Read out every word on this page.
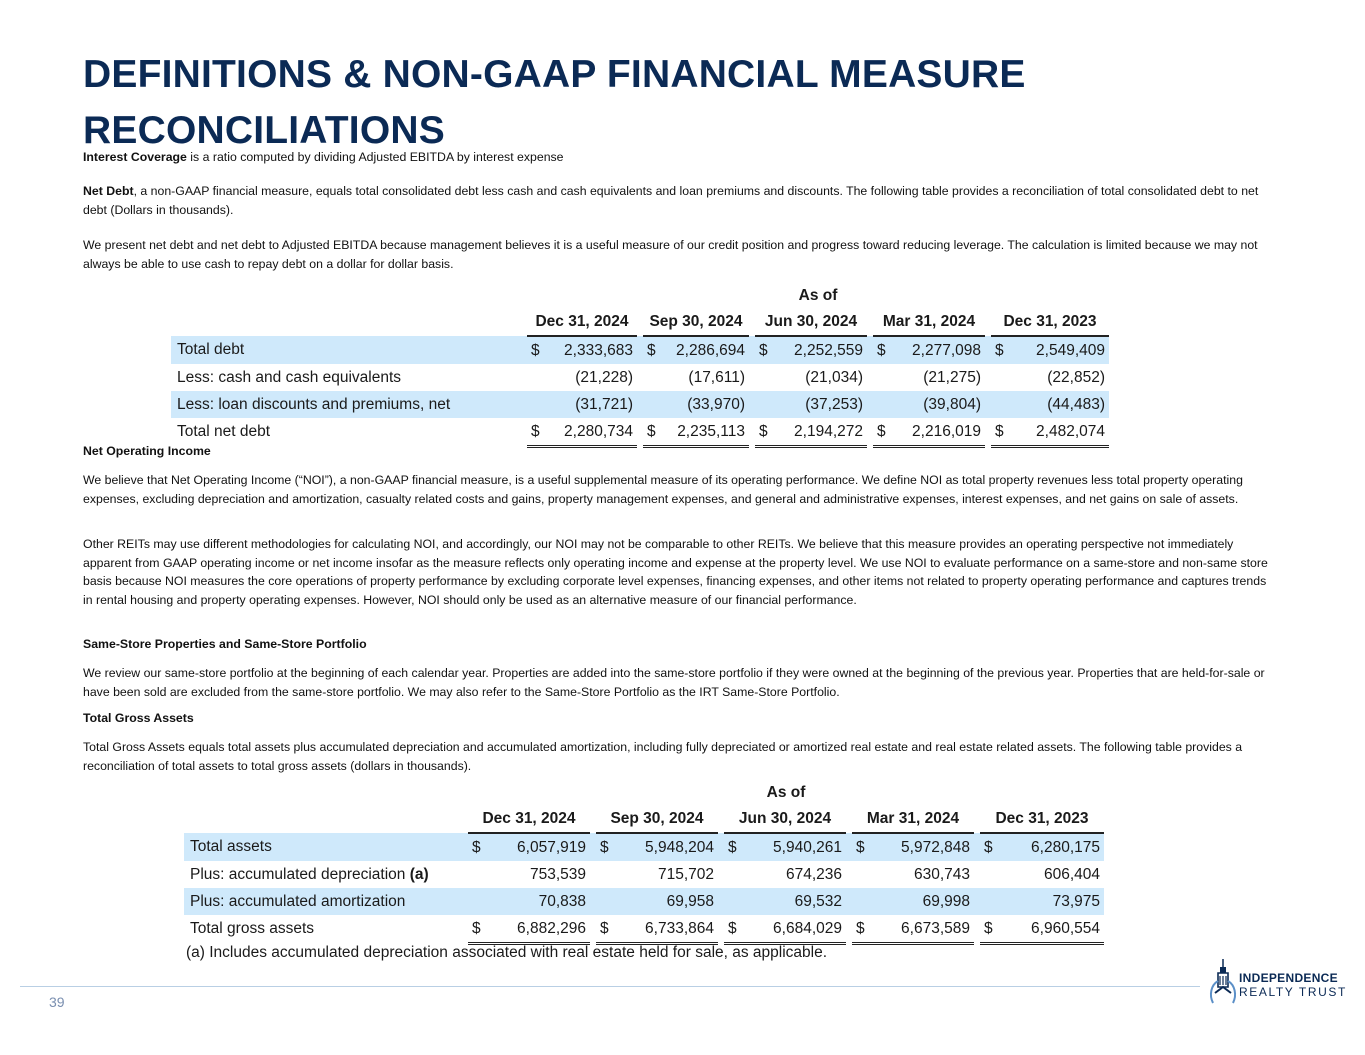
DEFINITIONS & NON-GAAP FINANCIAL MEASURE RECONCILIATIONS

Interest Coverage is a ratio computed by dividing Adjusted EBITDA by interest expense

Net Debt, a non-GAAP financial measure, equals total consolidated debt less cash and cash equivalents and loan premiums and discounts. The following table provides a reconciliation of total consolidated debt to net debt (Dollars in thousands).

We present net debt and net debt to Adjusted EBITDA because management believes it is a useful measure of our credit position and progress toward reducing leverage. The calculation is limited because we may not always be able to use cash to repay debt on a dollar for dollar basis.

		As of													
		Dec 31, 2024			Sep 30, 2024			Jun 30, 2024			Mar 31, 2024			Dec 31, 2023	
Total debt		$	2,333,683		$	2,286,694		$	2,252,559		$	2,277,098		$	2,549,409
Less: cash and cash equivalents			(21,228)			(17,611)			(21,034)			(21,275)			(22,852)
Less: loan discounts and premiums, net			(31,721)			(33,970)			(37,253)			(39,804)			(44,483)
Total net debt		$	2,280,734		$	2,235,113		$	2,194,272		$	2,216,019		$	2,482,074
Net Operating Income

We believe that Net Operating Income (“NOI”), a non-GAAP financial measure, is a useful supplemental measure of its operating performance. We define NOI as total property revenues less total property operating expenses, excluding depreciation and amortization, casualty related costs and gains, property management expenses, and general and administrative expenses, interest expenses, and net gains on sale of assets.

Other REITs may use different methodologies for calculating NOI, and accordingly, our NOI may not be comparable to other REITs. We believe that this measure provides an operating perspective not immediately apparent from GAAP operating income or net income insofar as the measure reflects only operating income and expense at the property level. We use NOI to evaluate performance on a same-store and non-same store basis because NOI measures the core operations of property performance by excluding corporate level expenses, financing expenses, and other items not related to property operating performance and captures trends in rental housing and property operating expenses. However, NOI should only be used as an alternative measure of our financial performance.

Same-Store Properties and Same-Store Portfolio

We review our same-store portfolio at the beginning of each calendar year. Properties are added into the same-store portfolio if they were owned at the beginning of the previous year. Properties that are held-for-sale or have been sold are excluded from the same-store portfolio. We may also refer to the Same-Store Portfolio as the IRT Same-Store Portfolio.

Total Gross Assets

Total Gross Assets equals total assets plus accumulated depreciation and accumulated amortization, including fully depreciated or amortized real estate and real estate related assets. The following table provides a reconciliation of total assets to total gross assets (dollars in thousands).

		As of													
		Dec 31, 2024			Sep 30, 2024			Jun 30, 2024			Mar 31, 2024			Dec 31, 2023	
Total assets		$	6,057,919		$	5,948,204		$	5,940,261		$	5,972,848		$	6,280,175
Plus: accumulated depreciation (a)			753,539			715,702			674,236			630,743			606,404
Plus: accumulated amortization			70,838			69,958			69,532			69,998			73,975
Total gross assets		$	6,882,296		$	6,733,864		$	6,684,029		$	6,673,589		$	6,960,554

(a) Includes accumulated depreciation associated with real estate held for sale, as applicable.

39
INDEPENDENCE
REALTY TRUST
